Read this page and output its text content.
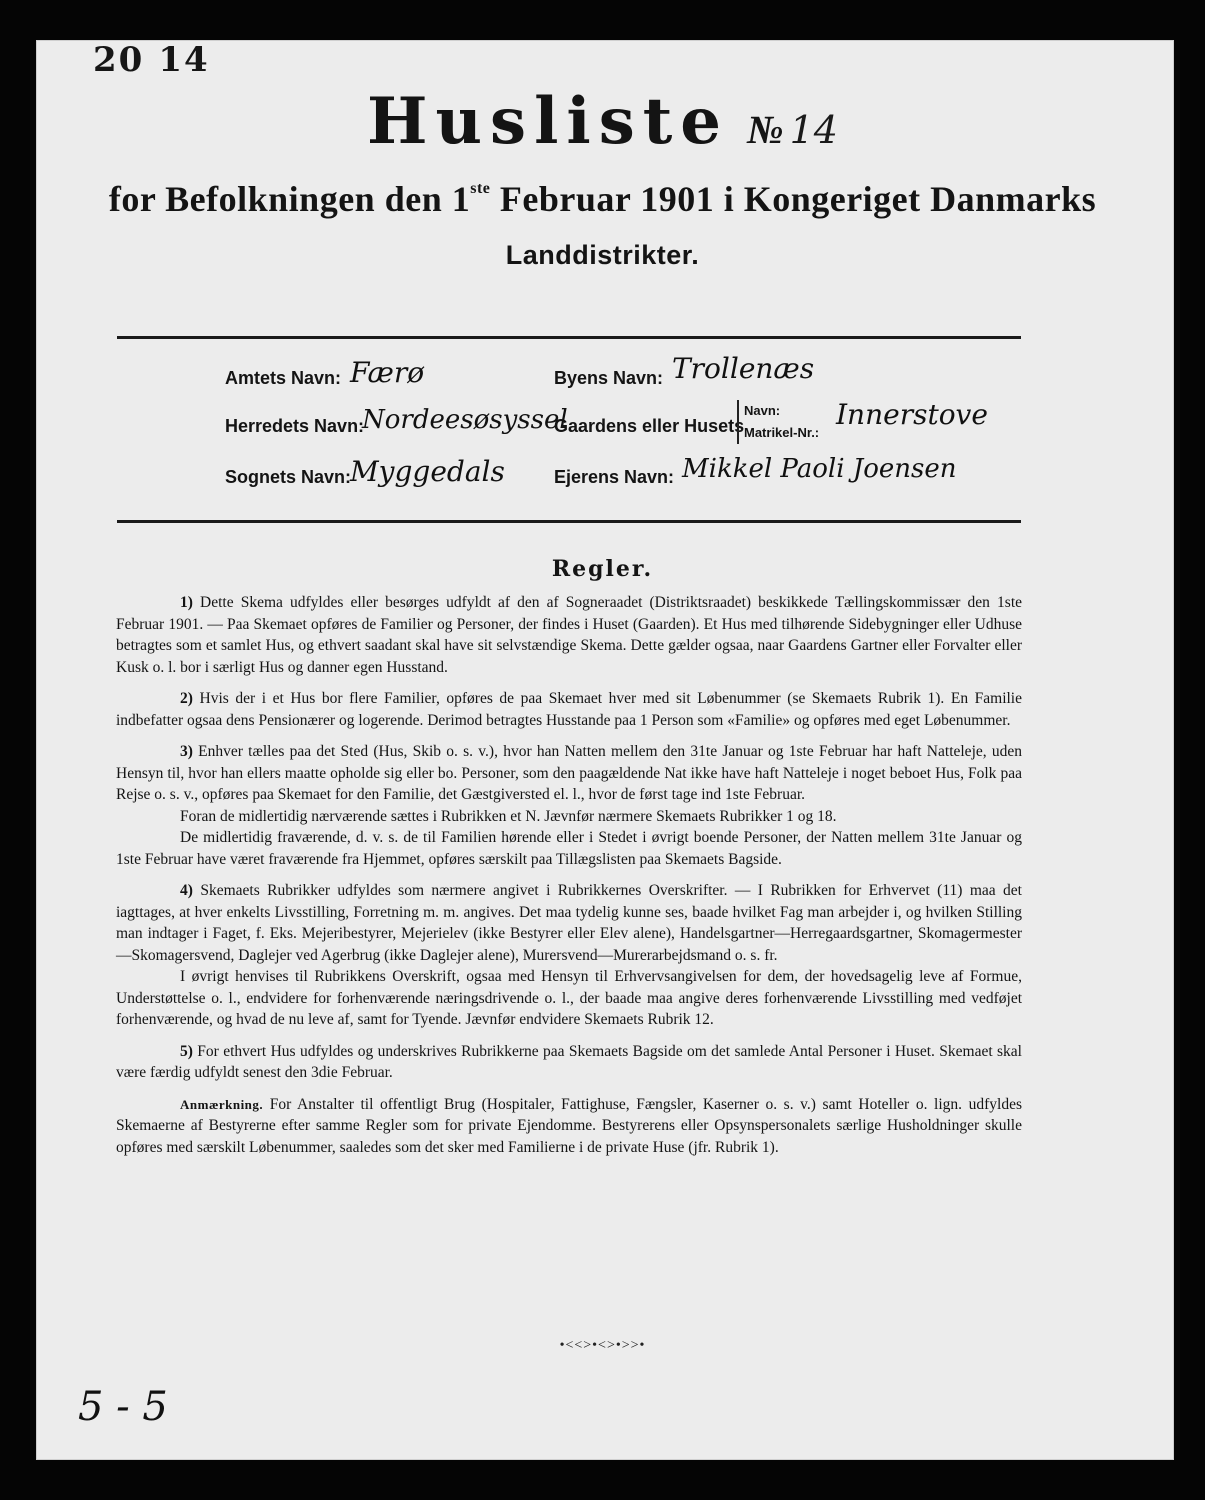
20 14
Husliste № 14
for Befolkningen den 1ste Februar 1901 i Kongeriget Danmarks
Landdistrikter.
Amtets Navn: Færø
Herredets Navn:
Nordeesøsyssel
Sognets Navn:
Myggedals
Byens Navn: Trollenæs
Gaardens eller Husets
Navn:
Matrikel-Nr.:
Innerstove
Ejerens Navn: Mikkel Paoli Joensen
Regler.

1) Dette Skema udfyldes eller besørges udfyldt af den af Sogneraadet (Distriktsraadet) beskikkede Tællingskommissær den 1ste Februar 1901. — Paa Skemaet opføres de Familier og Personer, der findes i Huset (Gaarden). Et Hus med tilhørende Sidebygninger eller Udhuse betragtes som et samlet Hus, og ethvert saadant skal have sit selvstændige Skema. Dette gælder ogsaa, naar Gaardens Gartner eller Forvalter eller Kusk o. l. bor i særligt Hus og danner egen Husstand.

2) Hvis der i et Hus bor flere Familier, opføres de paa Skemaet hver med sit Løbenummer (se Skemaets Rubrik 1). En Familie indbefatter ogsaa dens Pensionærer og logerende. Derimod betragtes Husstande paa 1 Person som «Familie» og opføres med eget Løbenummer.

3) Enhver tælles paa det Sted (Hus, Skib o. s. v.), hvor han Natten mellem den 31te Januar og 1ste Februar har haft Natteleje, uden Hensyn til, hvor han ellers maatte opholde sig eller bo. Personer, som den paagældende Nat ikke have haft Natteleje i noget beboet Hus, Folk paa Rejse o. s. v., opføres paa Skemaet for den Familie, det Gæstgiversted el. l., hvor de først tage ind 1ste Februar.

Foran de midlertidig nærværende sættes i Rubrikken et N. Jævnfør nærmere Skemaets Rubrikker 1 og 18.

De midlertidig fraværende, d. v. s. de til Familien hørende eller i Stedet i øvrigt boende Personer, der Natten mellem 31te Januar og 1ste Februar have været fraværende fra Hjemmet, opføres særskilt paa Tillægslisten paa Skemaets Bagside.

4) Skemaets Rubrikker udfyldes som nærmere angivet i Rubrikkernes Overskrifter. — I Rubrikken for Erhvervet (11) maa det iagttages, at hver enkelts Livsstilling, Forretning m. m. angives. Det maa tydelig kunne ses, baade hvilket Fag man arbejder i, og hvilken Stilling man indtager i Faget, f. Eks. Mejeribestyrer, Mejerielev (ikke Bestyrer eller Elev alene), Handelsgartner—Herregaardsgartner, Skomagermester—Skomagersvend, Daglejer ved Agerbrug (ikke Daglejer alene), Murersvend—Murerarbejdsmand o. s. fr.

I øvrigt henvises til Rubrikkens Overskrift, ogsaa med Hensyn til Erhvervsangivelsen for dem, der hovedsagelig leve af Formue, Understøttelse o. l., endvidere for forhenværende næringsdrivende o. l., der baade maa angive deres forhenværende Livsstilling med vedføjet forhenværende, og hvad de nu leve af, samt for Tyende. Jævnfør endvidere Skemaets Rubrik 12.

5) For ethvert Hus udfyldes og underskrives Rubrikkerne paa Skemaets Bagside om det samlede Antal Personer i Huset. Skemaet skal være færdig udfyldt senest den 3die Februar.

Anmærkning. For Anstalter til offentligt Brug (Hospitaler, Fattighuse, Fængsler, Kaserner o. s. v.) samt Hoteller o. lign. udfyldes Skemaerne af Bestyrerne efter samme Regler som for private Ejendomme. Bestyrerens eller Opsynspersonalets særlige Husholdninger skulle opføres med særskilt Løbenummer, saaledes som det sker med Familierne i de private Huse (jfr. Rubrik 1).

•<<>•<>•>>•
5 - 5
